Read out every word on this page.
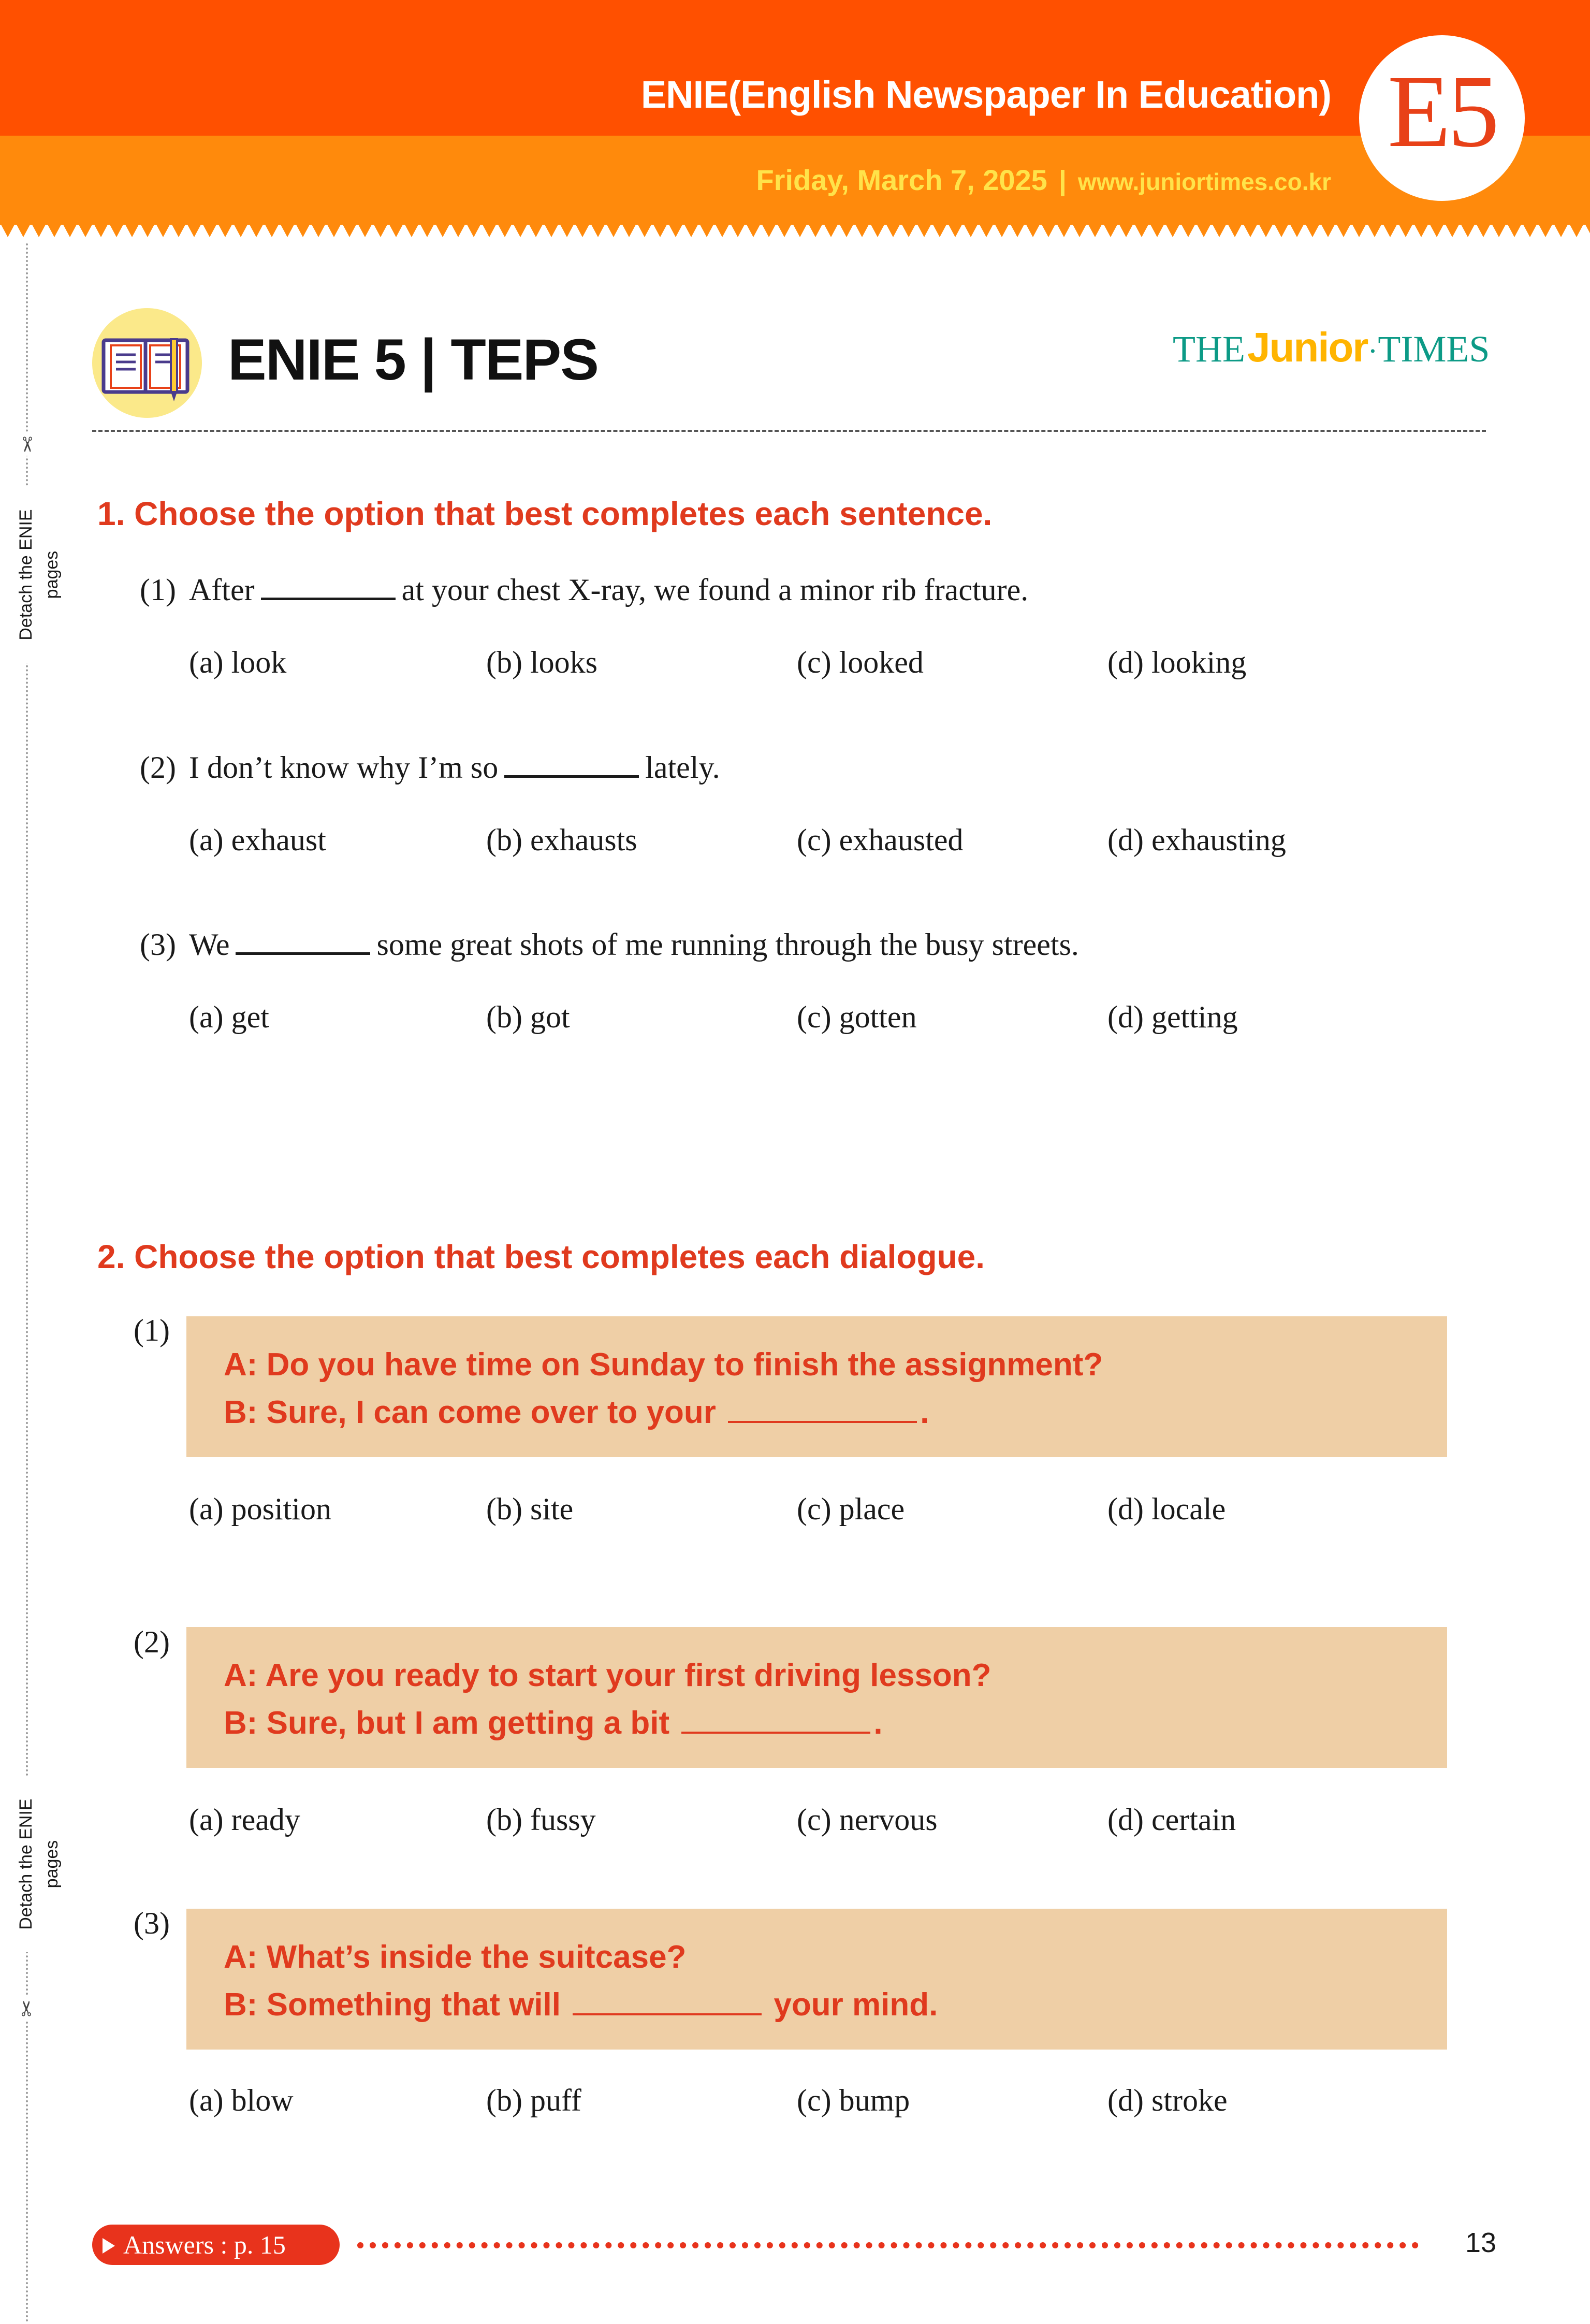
ENIE(English Newspaper In Education)
Friday, March 7, 2025 | www.juniortimes.co.kr
E5
✂
Detach the ENIE pages
Detach the ENIE pages
✂
ENIE 5 | TEPS	THE Junior·TIMES
1. Choose the option that best completes each sentence.
(1) After	at your chest X-ray, we found a minor rib fracture.
(a) look	(b) looks	(c) looked	(d) looking
(2) I don’t know why I’m so	lately.
(a) exhaust	(b) exhausts	(c) exhausted	(d) exhausting
(3) We	some great shots of me running through the busy streets.
(a) get	(b) got	(c) gotten	(d) getting
2. Choose the option that best completes each dialogue.
(1)
A: Do you have time on Sunday to finish the assignment?
B: Sure, I can come over to your	.
(a) position	(b) site	(c) place	(d) locale
(2)
A: Are you ready to start your first driving lesson?
B: Sure, but I am getting a bit	.
(a) ready	(b) fussy	(c) nervous	(d) certain
(3)
A: What’s inside the suitcase?
B: Something that will	your mind.
(a) blow	(b) puff	(c) bump	(d) stroke
Answers : p. 15	13
